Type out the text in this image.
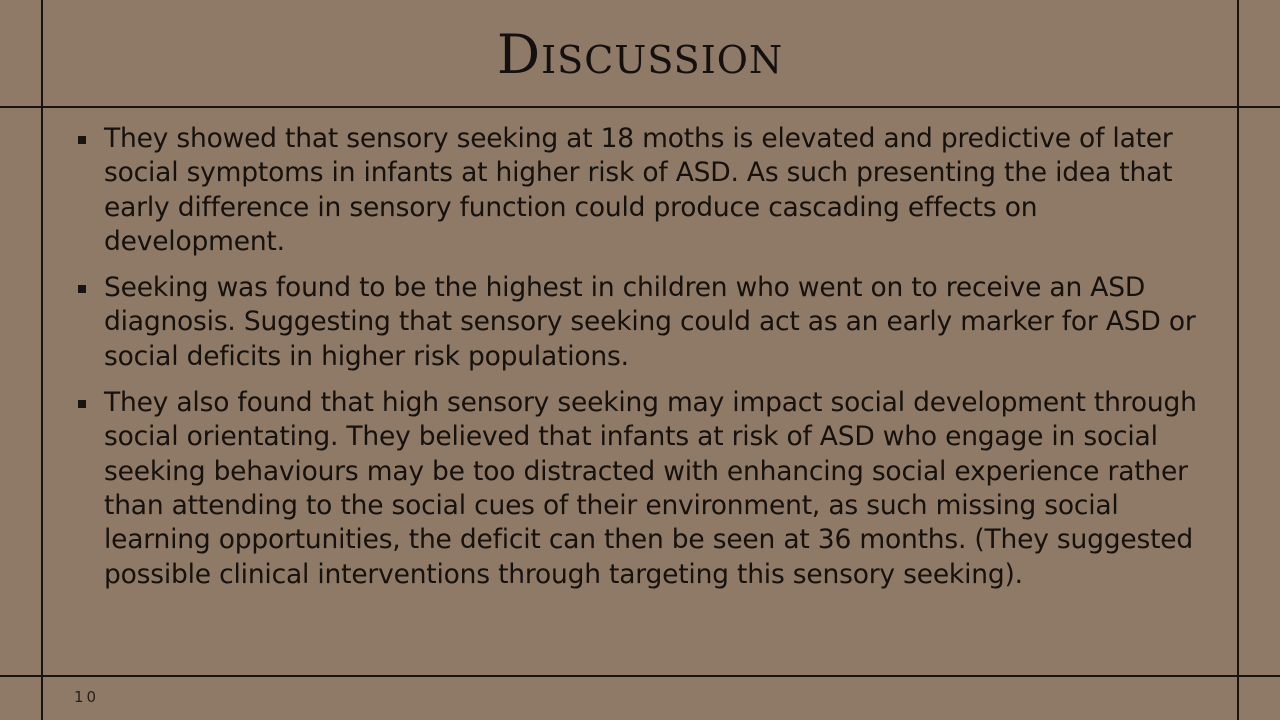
Discussion
They showed that sensory seeking at 18 moths is elevated and predictive of later social symptoms in infants at higher risk of ASD. As such presenting the idea that early difference in sensory function could produce cascading effects on development.
Seeking was found to be the highest in children who went on to receive an ASD diagnosis. Suggesting that sensory seeking could act as an early marker for ASD or social deficits in higher risk populations.
They also found that high sensory seeking may impact social development through social orientating. They believed that infants at risk of ASD who engage in social seeking behaviours may be too distracted with enhancing social experience rather than attending to the social cues of their environment, as such missing social learning opportunities, the deficit can then be seen at 36 months. (They suggested possible clinical interventions through targeting this sensory seeking).
10
